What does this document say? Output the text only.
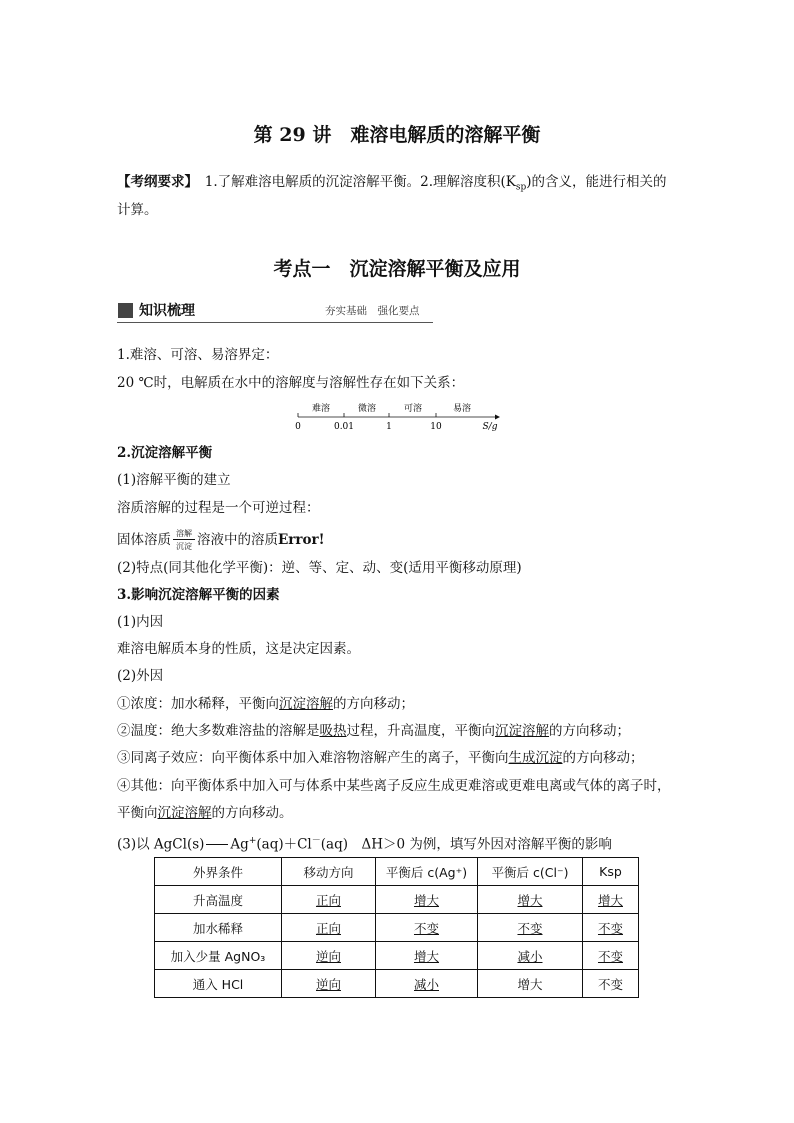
第 29 讲　难溶电解质的溶解平衡
【考纲要求】　1.了解难溶电解质的沉淀溶解平衡。2.理解溶度积$(K_{sp})$的含义，能进行相关的
计算。
考点一　沉淀溶解平衡及应用
知识梳理	夯实基础　强化要点
1.难溶、可溶、易溶界定：
20 ℃时，电解质在水中的溶解度与溶解性存在如下关系：
难溶	微溶	可溶	易溶
0	0.01	1	10	S/g
2.沉淀溶解平衡
(1)溶解平衡的建立
溶质溶解的过程是一个可逆过程：
固体溶质 溶解
沉淀 溶液中的溶质Error!
(2)特点(同其他化学平衡)：逆、等、定、动、变(适用平衡移动原理)
3.影响沉淀溶解平衡的因素
(1)内因
难溶电解质本身的性质，这是决定因素。
(2)外因
①浓度：加水稀释，平衡向沉淀溶解的方向移动；
②温度：绝大多数难溶盐的溶解是吸热过程，升高温度，平衡向沉淀溶解的方向移动；
③同离子效应：向平衡体系中加入难溶物溶解产生的离子，平衡向生成沉淀的方向移动；
④其他：向平衡体系中加入可与体系中某些离子反应生成更难溶或更难电离或气体的离子时，
平衡向沉淀溶解的方向移动。
(3)以 AgCl(s) Ag+(aq)＋Cl－(aq)　ΔH＞0 为例，填写外因对溶解平衡的影响
外界条件	移动方向	平衡后 c(Ag⁺)	平衡后 c(Cl⁻)	Ksp
升高温度	正向	增大	增大	增大
加水稀释	正向	不变	不变	不变
加入少量 AgNO₃	逆向	增大	减小	不变
通入 HCl	逆向	减小	增大	不变
